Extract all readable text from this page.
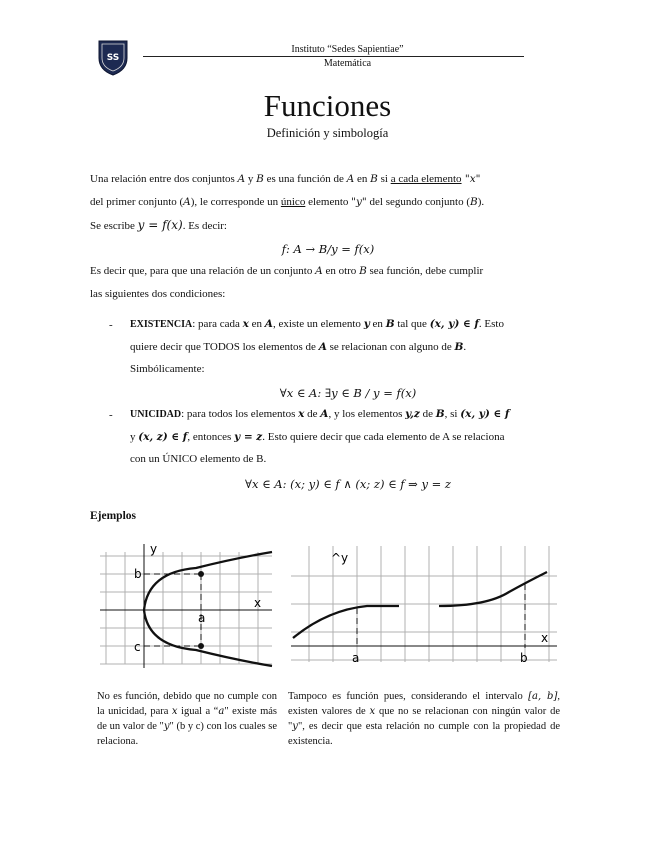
SS
Instituto “Sedes Sapientiae”
Matemática
Funciones
Definición y simbología
Una relación entre dos conjuntos A y B es una función de A en B si a cada elemento "x"
del primer conjunto (A), le corresponde un único elemento "y" del segundo conjunto (B).
Se escribe y = f(x). Es decir:
f: A → B/y = f(x)
Es decir que, para que una relación de un conjunto A en otro B sea función, debe cumplir
las siguientes dos condiciones:
- EXISTENCIA: para cada x en A, existe un elemento y en B tal que (x, y) ∈ f. Esto
quiere decir que TODOS los elementos de A se relacionan con alguno de B.
Simbólicamente:
∀x ∈ A: ∃y ∈ B / y = f(x)
- UNICIDAD: para todos los elementos x de A, y los elementos y,z de B, si (x, y) ∈ f
y (x, z) ∈ f, entonces y = z. Esto quiere decir que cada elemento de A se relaciona
con un ÚNICO elemento de B.
∀x ∈ A: (x; y) ∈ f ∧ (x; z) ∈ f ⇒ y = z
Ejemplos
y
x
b
c
a
^y
x
a	b
No es función, debido que no cumple con la unicidad, para x igual a “a" existe más de un valor de "y" (b y c) con los cuales se relaciona.
Tampoco es función pues, considerando el intervalo [a, b], existen valores de x que no se relacionan con ningún valor de "y", es decir que esta relación no cumple con la propiedad de existencia.
